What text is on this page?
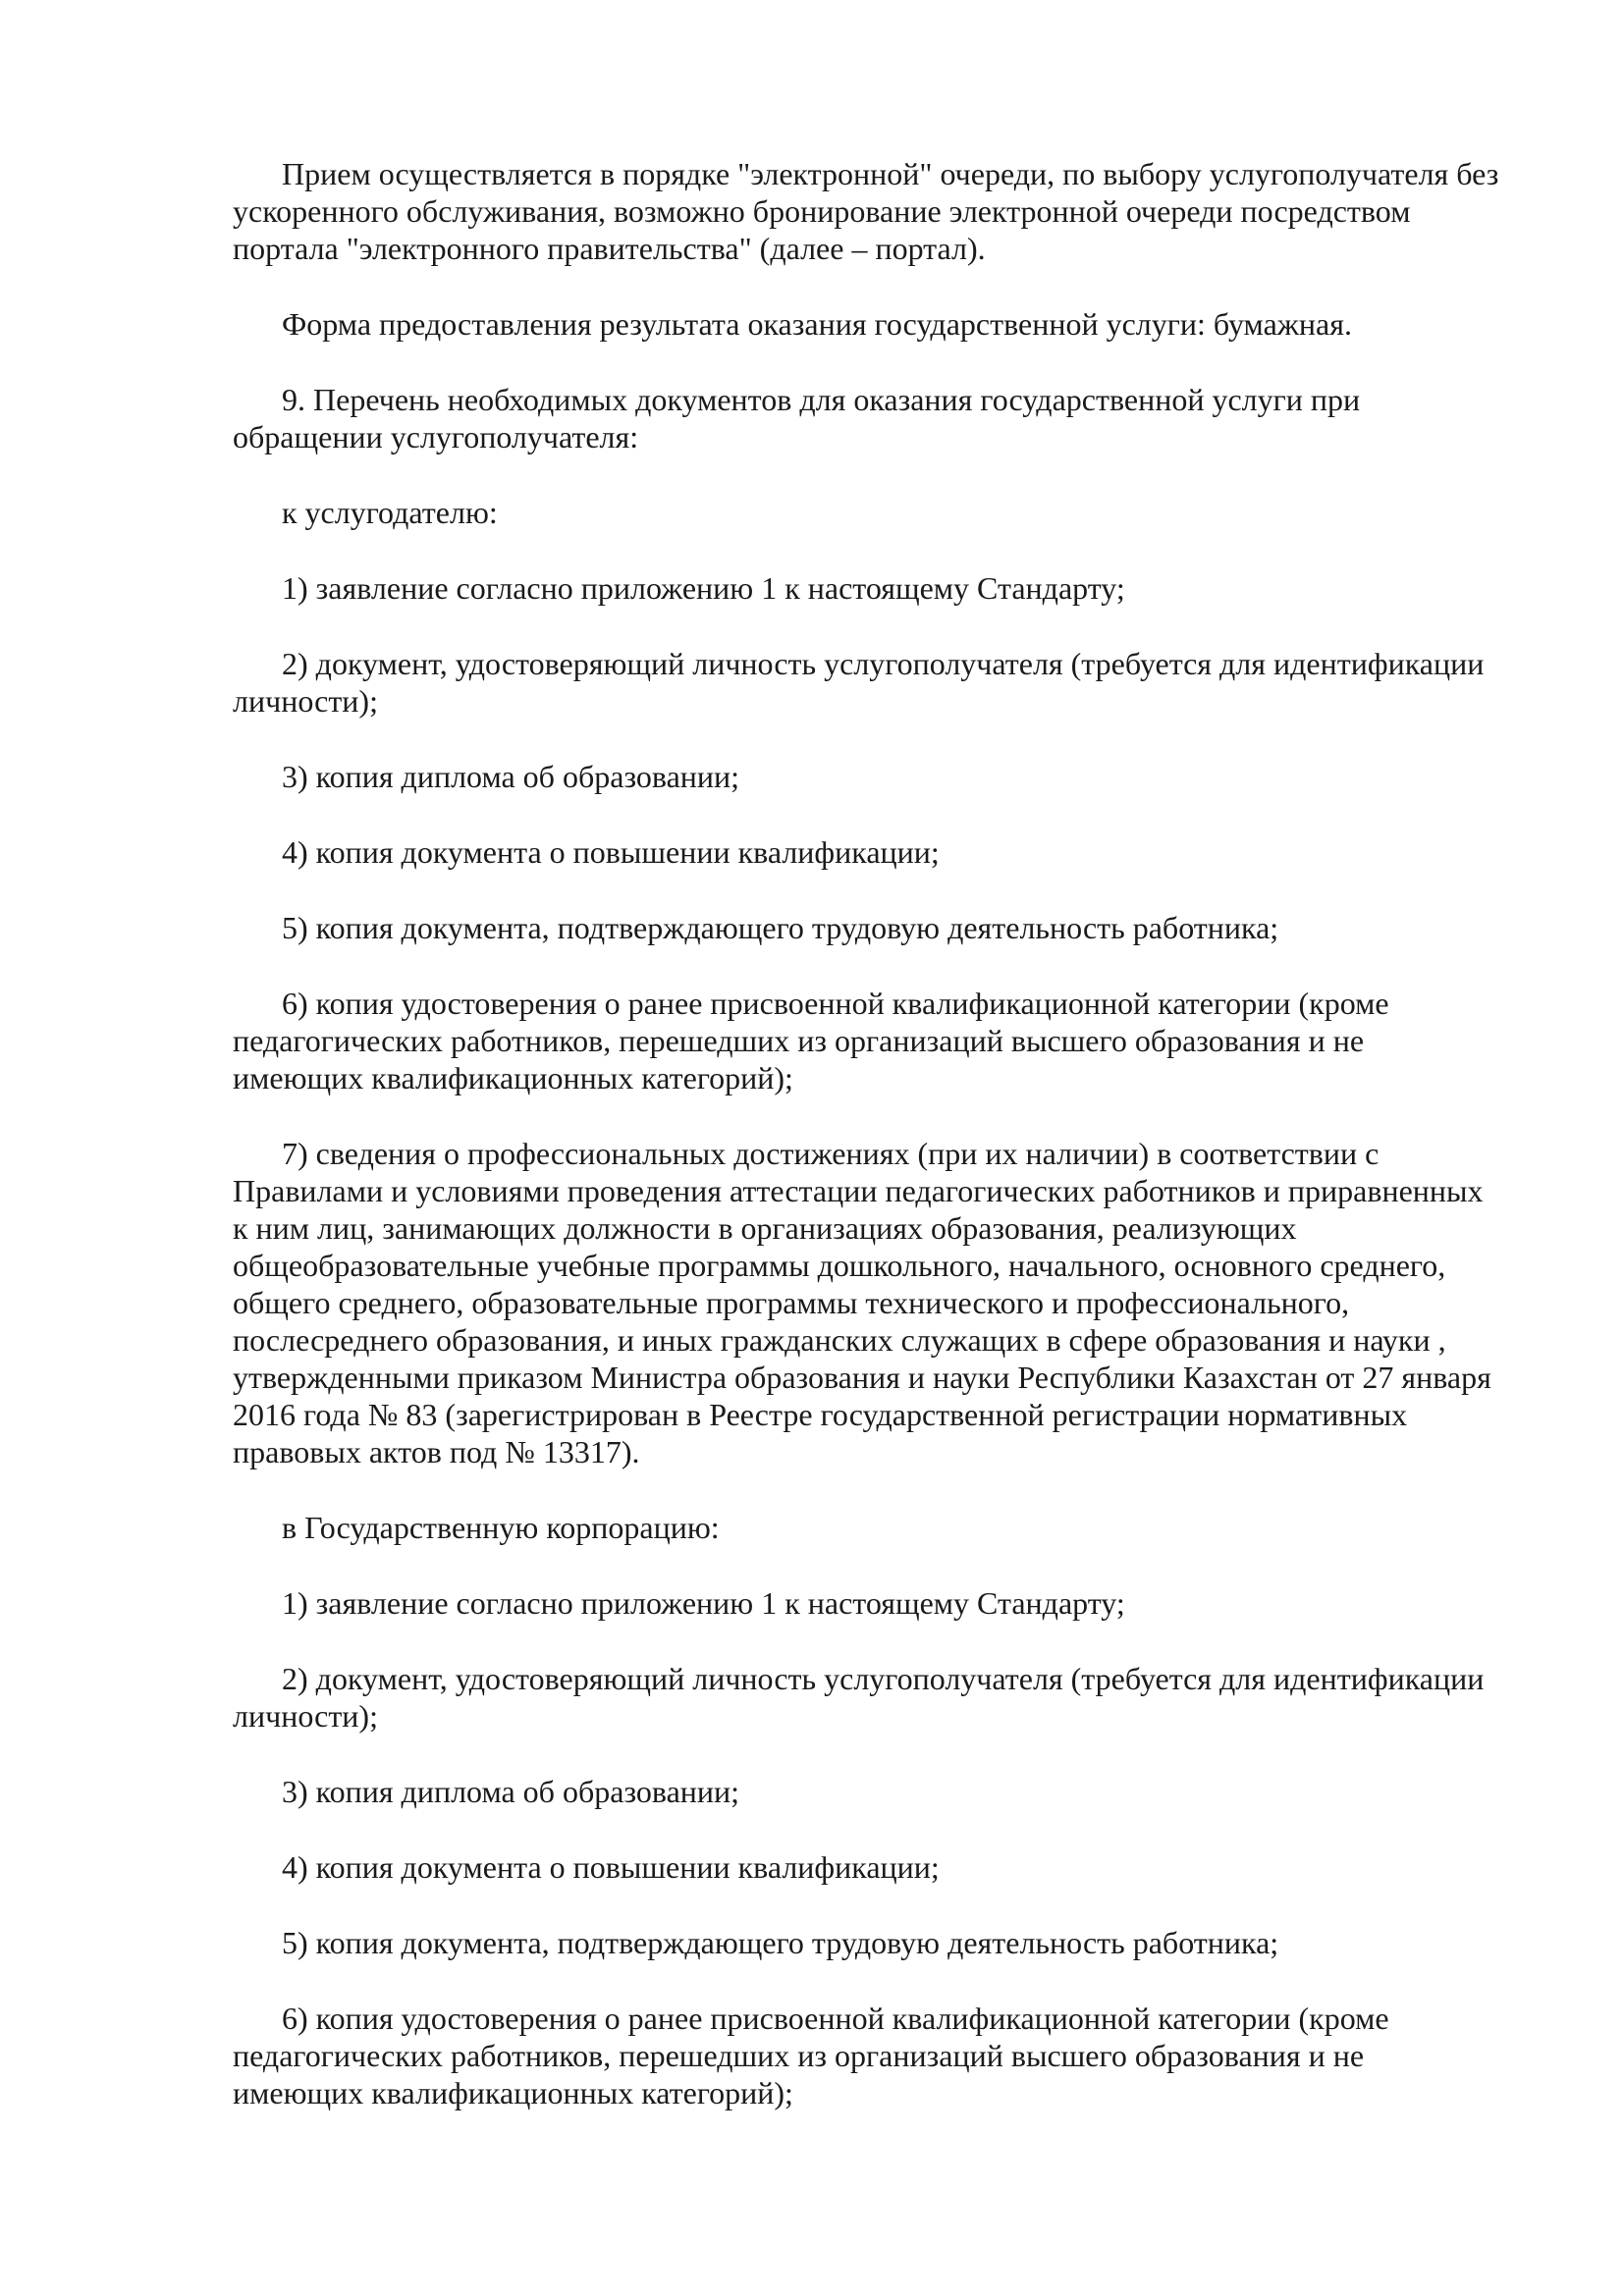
Прием осуществляется в порядке "электронной" очереди, по выбору услугополучателя без ускоренного обслуживания, возможно бронирование электронной очереди посредством портала "электронного правительства" (далее – портал).

Форма предоставления результата оказания государственной услуги: бумажная.

9. Перечень необходимых документов для оказания государственной услуги при обращении услугополучателя:

к услугодателю:

1) заявление согласно приложению 1 к настоящему Стандарту;

2) документ, удостоверяющий личность услугополучателя (требуется для идентификации личности);

3) копия диплома об образовании;

4) копия документа о повышении квалификации;

5) копия документа, подтверждающего трудовую деятельность работника;

6) копия удостоверения о ранее присвоенной квалификационной категории (кроме педагогических работников, перешедших из организаций высшего образования и не имеющих квалификационных категорий);

7) сведения о профессиональных достижениях (при их наличии) в соответствии с Правилами и условиями проведения аттестации педагогических работников и приравненных к ним лиц, занимающих должности в организациях образования, реализующих общеобразовательные учебные программы дошкольного, начального, основного среднего, общего среднего, образовательные программы технического и профессионального, послесреднего образования, и иных гражданских служащих в сфере образования и науки , утвержденными приказом Министра образования и науки Республики Казахстан от 27 января 2016 года № 83 (зарегистрирован в Реестре государственной регистрации нормативных правовых актов под № 13317).

в Государственную корпорацию:

1) заявление согласно приложению 1 к настоящему Стандарту;

2) документ, удостоверяющий личность услугополучателя (требуется для идентификации личности);

3) копия диплома об образовании;

4) копия документа о повышении квалификации;

5) копия документа, подтверждающего трудовую деятельность работника;

6) копия удостоверения о ранее присвоенной квалификационной категории (кроме педагогических работников, перешедших из организаций высшего образования и не имеющих квалификационных категорий);
